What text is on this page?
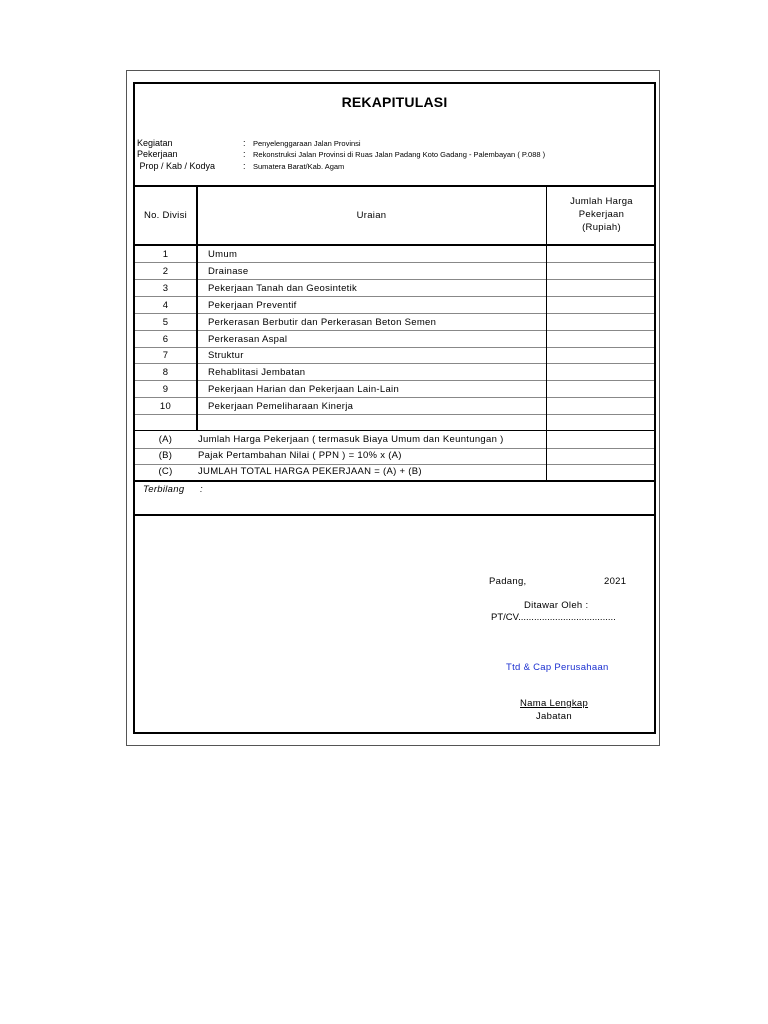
REKAPITULASI
Kegiatan	: Penyelenggaraan Jalan Provinsi
Pekerjaan	: Rekonstruksi Jalan Provinsi di Ruas Jalan Padang Koto Gadang - Palembayan ( P.088 )
Prop / Kab / Kodya	: Sumatera Barat/Kab. Agam
No. Divisi	Uraian
Jumlah Harga
Pekerjaan
(Rupiah)
1	Umum
2	Drainase
3	Pekerjaan Tanah dan Geosintetik
4	Pekerjaan Preventif
5	Perkerasan Berbutir dan Perkerasan Beton Semen
6	Perkerasan Aspal
7	Struktur
8	Rehablitasi Jembatan
9	Pekerjaan Harian dan Pekerjaan Lain-Lain
10	Pekerjaan Pemeliharaan Kinerja
(A)	Jumlah Harga Pekerjaan ( termasuk Biaya Umum dan Keuntungan )
(B)	Pajak Pertambahan Nilai ( PPN ) = 10% x (A)
(C)	JUMLAH TOTAL HARGA PEKERJAAN = (A) + (B)
Terbilang :
Padang,	2021
Ditawar Oleh :
PT/CV.....................................
Ttd & Cap Perusahaan
Nama Lengkap
Jabatan
